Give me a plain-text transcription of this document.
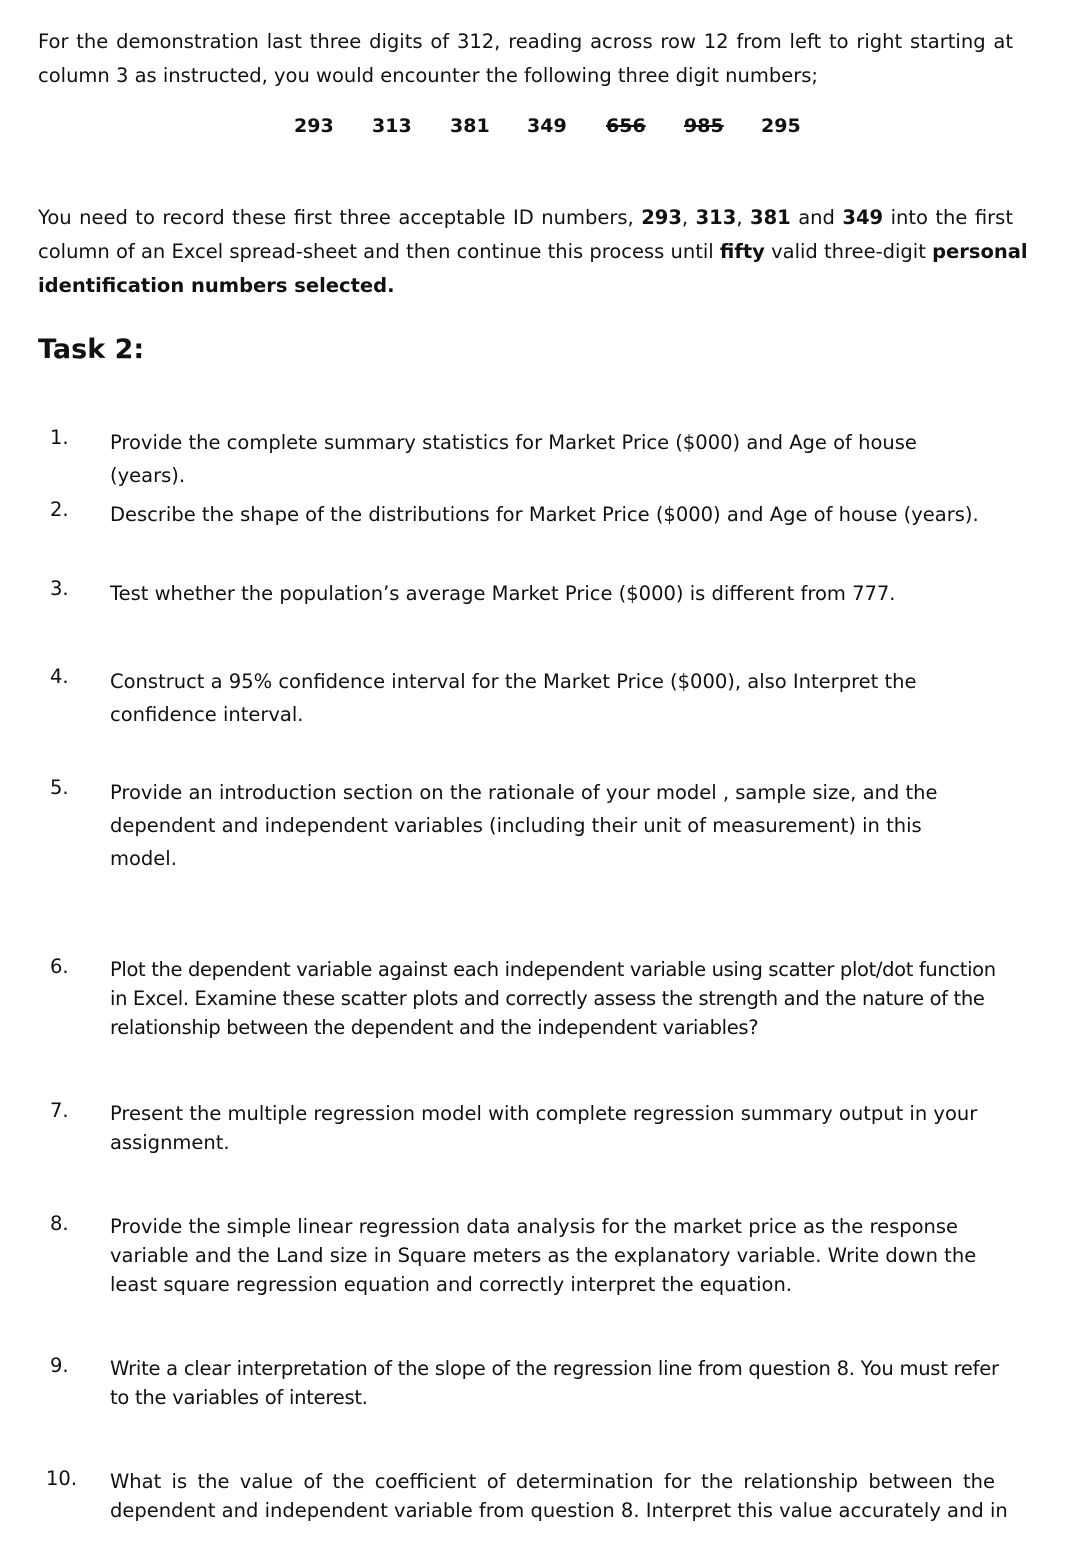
For the demonstration last three digits of 312, reading across row 12 from left to right starting at
column 3 as instructed, you would encounter the following three digit numbers;
293 313 381 349 656 985 295
You need to record these first three acceptable ID numbers, 293, 313, 381 and 349 into the first
column of an Excel spread-sheet and then continue this process until fifty valid three-digit personal
identification numbers selected.
Task 2:
1. Provide the complete summary statistics for Market Price ($000) and Age of house
(years).
2. Describe the shape of the distributions for Market Price ($000) and Age of house (years).
3. Test whether the population’s average Market Price ($000) is different from 777.
4. Construct a 95% confidence interval for the Market Price ($000), also Interpret the
confidence interval.
5. Provide an introduction section on the rationale of your model , sample size, and the
dependent and independent variables (including their unit of measurement) in this
model.
6. Plot the dependent variable against each independent variable using scatter plot/dot function
in Excel. Examine these scatter plots and correctly assess the strength and the nature of the
relationship between the dependent and the independent variables?
7. Present the multiple regression model with complete regression summary output in your
assignment.
8. Provide the simple linear regression data analysis for the market price as the response
variable and the Land size in Square meters as the explanatory variable. Write down the
least square regression equation and correctly interpret the equation.
9. Write a clear interpretation of the slope of the regression line from question 8. You must refer
to the variables of interest.
10. What is the value of the coefficient of determination for the relationship between the
dependent and independent variable from question 8. Interpret this value accurately and in
